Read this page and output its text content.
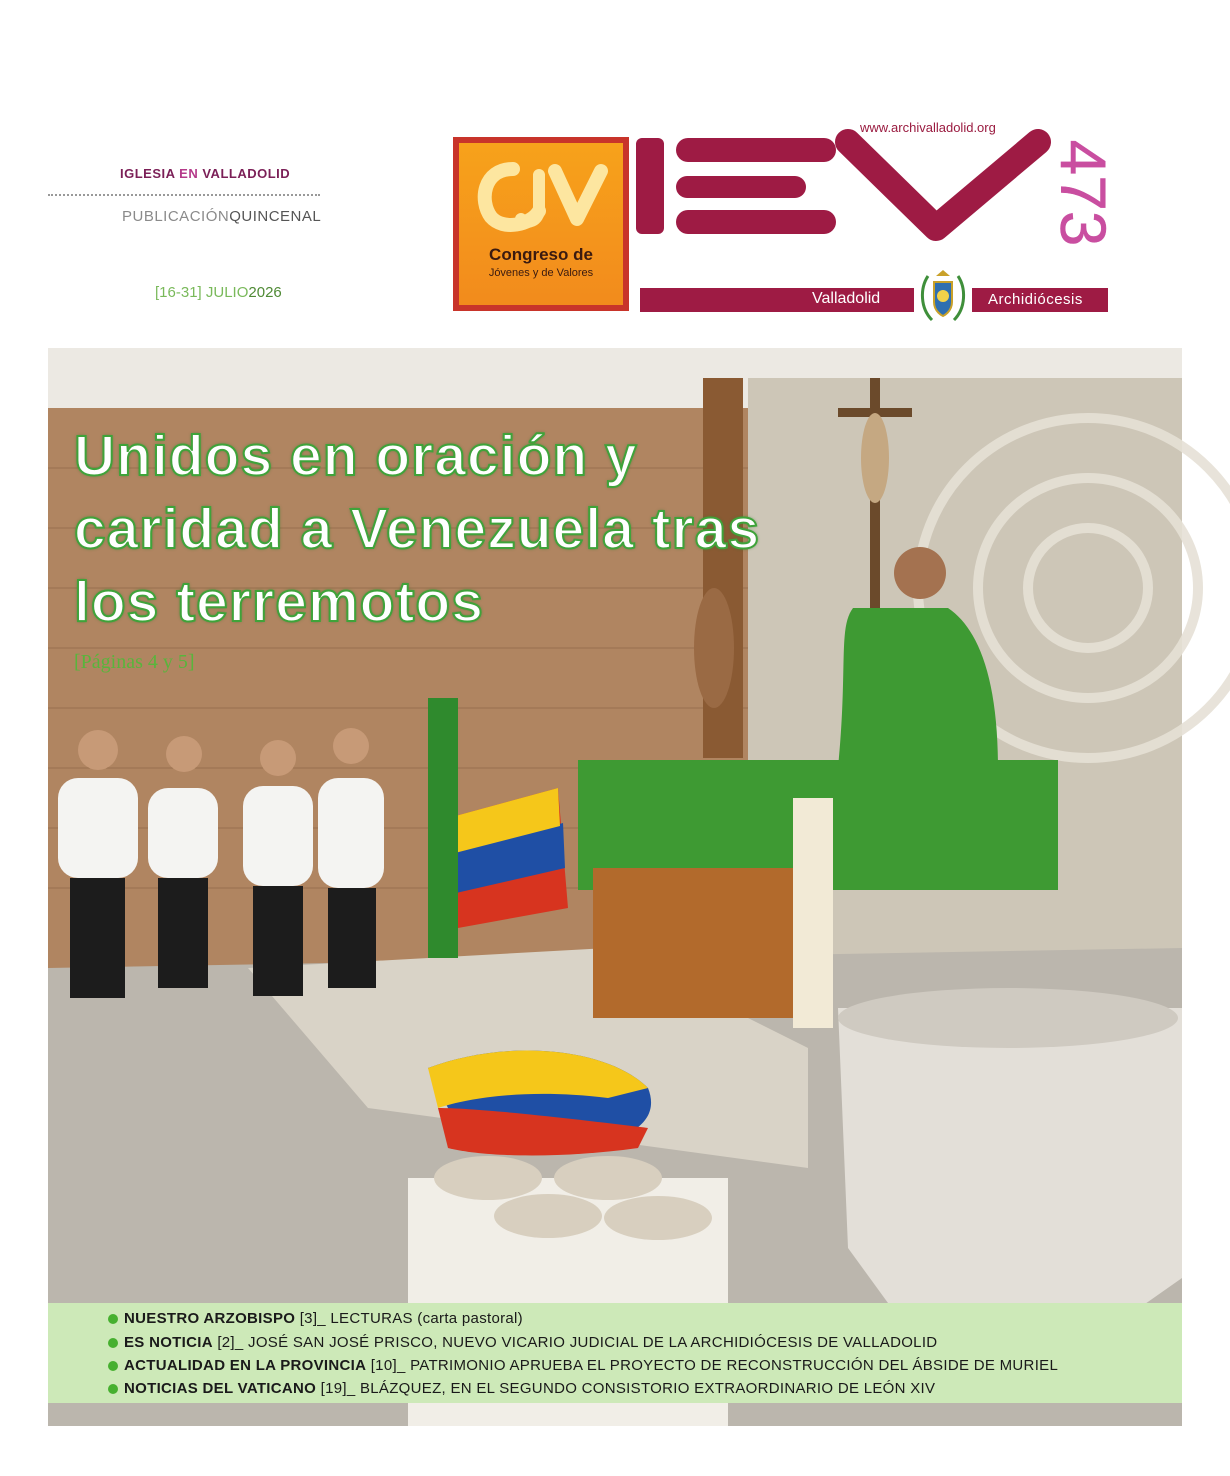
IGLESIA EN VALLADOLID
PUBLICACIÓNQUINCENAL
[16-31] JULIO2026
Congreso de
Jóvenes y de Valores
www.archivalladolid.org
473
Valladolid	Archidiócesis
Unidos en oración y caridad a Venezuela tras los terremotos
[Páginas 4 y 5]
NUESTRO ARZOBISPO [3]_ LECTURAS (carta pastoral)
ES NOTICIA [2]_ JOSÉ SAN JOSÉ PRISCO, NUEVO VICARIO JUDICIAL DE LA ARCHIDIÓCESIS DE VALLADOLID
ACTUALIDAD EN LA PROVINCIA [10]_ PATRIMONIO APRUEBA EL PROYECTO DE RECONSTRUCCIÓN DEL ÁBSIDE DE MURIEL
NOTICIAS DEL VATICANO [19]_ BLÁZQUEZ, EN EL SEGUNDO CONSISTORIO EXTRAORDINARIO DE LEÓN XIV
